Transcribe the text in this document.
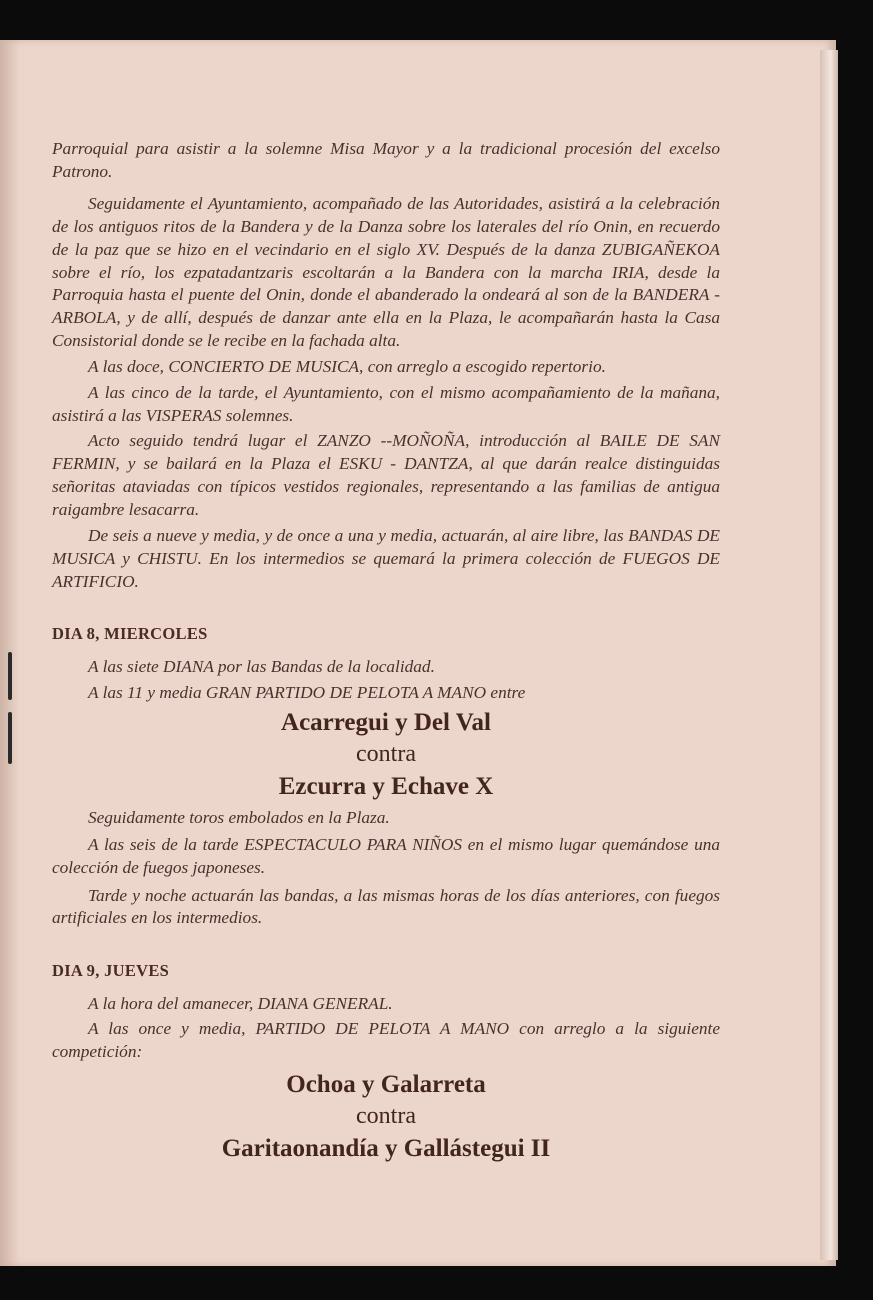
Parroquial para asistir a la solemne Misa Mayor y a la tradicional procesión del excelso Patrono.

Seguidamente el Ayuntamiento, acompañado de las Autoridades, asistirá a la celebración de los antiguos ritos de la Bandera y de la Danza sobre los laterales del río Onin, en recuerdo de la paz que se hizo en el vecindario en el siglo XV. Después de la danza ZUBIGAÑEKOA sobre el río, los ezpatadantzaris escoltarán a la Bandera con la marcha IRIA, desde la Parroquia hasta el puente del Onin, donde el abanderado la ondeará al son de la BANDERA - ARBOLA, y de allí, después de danzar ante ella en la Plaza, le acompañarán hasta la Casa Consistorial donde se le recibe en la fachada alta.

A las doce, CONCIERTO DE MUSICA, con arreglo a escogido repertorio.

A las cinco de la tarde, el Ayuntamiento, con el mismo acompañamiento de la mañana, asistirá a las VISPERAS solemnes.

Acto seguido tendrá lugar el ZANZO --MOÑOÑA, introducción al BAILE DE SAN FERMIN, y se bailará en la Plaza el ESKU - DANTZA, al que darán realce distinguidas señoritas ataviadas con típicos vestidos regionales, representando a las familias de antigua raigambre lesacarra.

De seis a nueve y media, y de once a una y media, actuarán, al aire libre, las BANDAS DE MUSICA y CHISTU. En los intermedios se quemará la primera colección de FUEGOS DE ARTIFICIO.

DIA 8, MIERCOLES

A las siete DIANA por las Bandas de la localidad.

A las 11 y media GRAN PARTIDO DE PELOTA A MANO entre

Acarregui y Del Val

contra

Ezcurra y Echave X

Seguidamente toros embolados en la Plaza.

A las seis de la tarde ESPECTACULO PARA NIÑOS en el mismo lugar quemándose una colección de fuegos japoneses.

Tarde y noche actuarán las bandas, a las mismas horas de los días anteriores, con fuegos artificiales en los intermedios.

DIA 9, JUEVES

A la hora del amanecer, DIANA GENERAL.

A las once y media, PARTIDO DE PELOTA A MANO con arreglo a la siguiente competición:

Ochoa y Galarreta

contra

Garitaonandía y Gallástegui II
